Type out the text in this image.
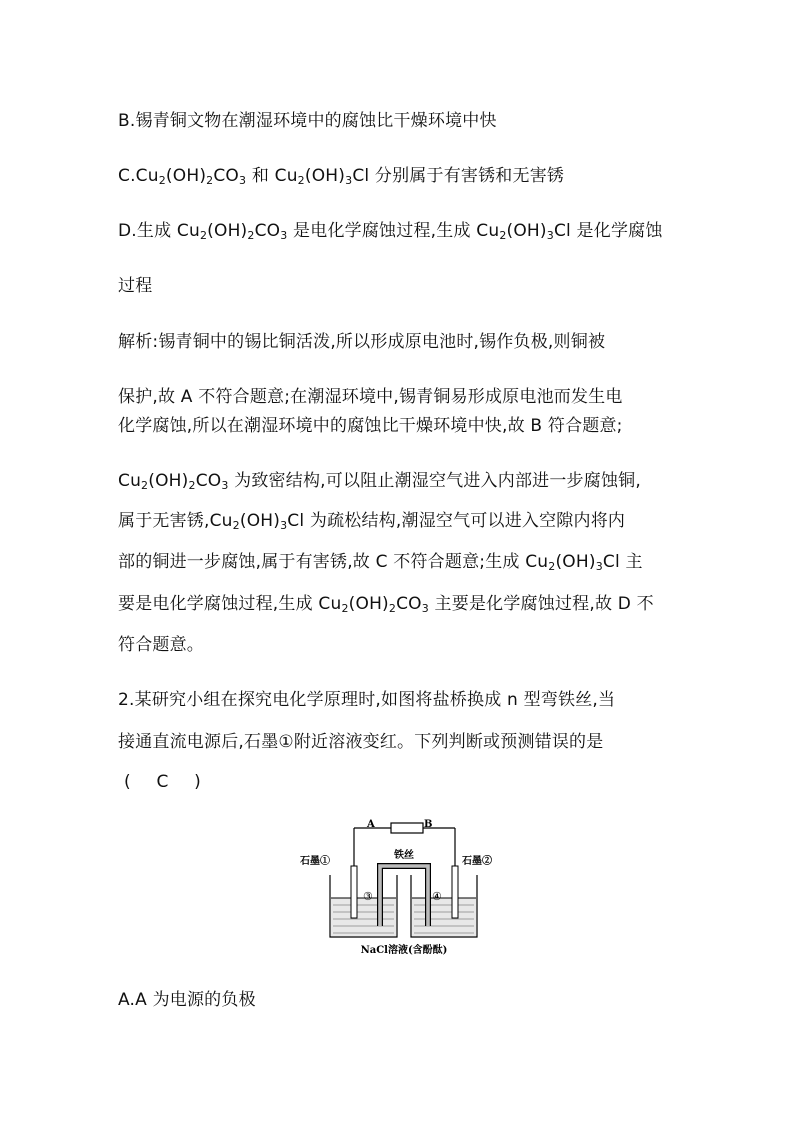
B.锡青铜文物在潮湿环境中的腐蚀比干燥环境中快
$C.Cu_2(OH)_2CO_3$ 和 $Cu_2(OH)_3Cl$ 分别属于有害锈和无害锈
D.生成 $Cu_2(OH)_2CO_3$ 是电化学腐蚀过程,生成 $Cu_2(OH)_3Cl$ 是化学腐蚀
过程
解析:锡青铜中的锡比铜活泼,所以形成原电池时,锡作负极,则铜被
保护,故 A 不符合题意;在潮湿环境中,锡青铜易形成原电池而发生电
化学腐蚀,所以在潮湿环境中的腐蚀比干燥环境中快,故 B 符合题意;
$Cu_2(OH)_2CO_3$ 为致密结构,可以阻止潮湿空气进入内部进一步腐蚀铜,
属于无害锈$,Cu_2(OH)_3Cl$ 为疏松结构,潮湿空气可以进入空隙内将内
部的铜进一步腐蚀,属于有害锈,故 C 不符合题意;生成 $Cu_2(OH)_3Cl$ 主
要是电化学腐蚀过程,生成 $Cu_2(OH)_2CO_3$ 主要是化学腐蚀过程,故 D 不
符合题意。
2.某研究小组在探究电化学原理时,如图将盐桥换成 n 型弯铁丝,当
接通直流电源后,石墨①附近溶液变红。下列判断或预测错误的是
( C )
A	B
铁丝
石墨①	石墨②
③	④
NaCl溶液(含酚酞)
A.A 为电源的负极
